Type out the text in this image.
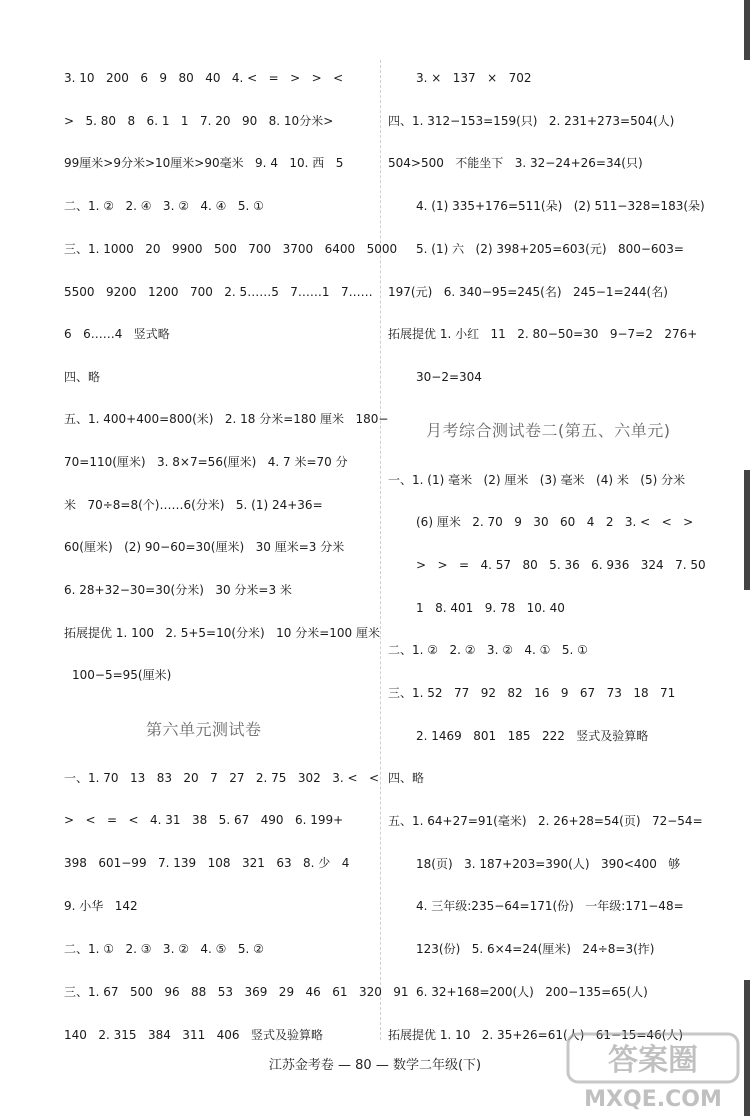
3. 10   200   6   9   80   40   4. <   =   >   >   <
>   5. 80   8   6. 1   1   7. 20   90   8. 10分米>
99厘米>9分米>10厘米>90毫米   9. 4   10. 西   5
二、1. ②   2. ④   3. ②   4. ④   5. ①
三、1. 1000   20   9900   500   700   3700   6400   5000
5500   9200   1200   700   2. 5……5   7……1   7……
6   6……4   竖式略
四、略
五、1. 400+400=800(米)   2. 18 分米=180 厘米   180−
70=110(厘米)   3. 8×7=56(厘米)   4. 7 米=70 分
米   70÷8=8(个)……6(分米)   5. (1) 24+36=
60(厘米)   (2) 90−60=30(厘米)   30 厘米=3 分米
6. 28+32−30=30(分米)   30 分米=3 米
拓展提优 1. 100   2. 5+5=10(分米)   10 分米=100 厘米
100−5=95(厘米)
第六单元测试卷
一、1. 70   13   83   20   7   27   2. 75   302   3. <   <
>   <   =   <   4. 31   38   5. 67   490   6. 199+
398   601−99   7. 139   108   321   63   8. 少   4
9. 小华   142
二、1. ①   2. ③   3. ②   4. ⑤   5. ②
三、1. 67   500   96   88   53   369   29   46   61   320   91
140   2. 315   384   311   406   竖式及验算略
3. ×   137   ×   702
四、1. 312−153=159(只)   2. 231+273=504(人)
504>500   不能坐下   3. 32−24+26=34(只)
4. (1) 335+176=511(朵)   (2) 511−328=183(朵)
5. (1) 六   (2) 398+205=603(元)   800−603=
197(元)   6. 340−95=245(名)   245−1=244(名)
拓展提优 1. 小红   11   2. 80−50=30   9−7=2   276+
30−2=304
月考综合测试卷二(第五、六单元)
一、1. (1) 毫米   (2) 厘米   (3) 毫米   (4) 米   (5) 分米
(6) 厘米   2. 70   9   30   60   4   2   3. <   <   >
>   >   =   4. 57   80   5. 36   6. 936   324   7. 50
1   8. 401   9. 78   10. 40
二、1. ②   2. ②   3. ②   4. ①   5. ①
三、1. 52   77   92   82   16   9   67   73   18   71
2. 1469   801   185   222   竖式及验算略
四、略
五、1. 64+27=91(毫米)   2. 26+28=54(页)   72−54=
18(页)   3. 187+203=390(人)   390<400   够
4. 三年级:235−64=171(份)   一年级:171−48=
123(份)   5. 6×4=24(厘米)   24÷8=3(拃)
6. 32+168=200(人)   200−135=65(人)
拓展提优 1. 10   2. 35+26=61(人)   61−15=46(人)
江苏金考卷 — 80 — 数学二年级(下)	答案圈
MXQE.COM
